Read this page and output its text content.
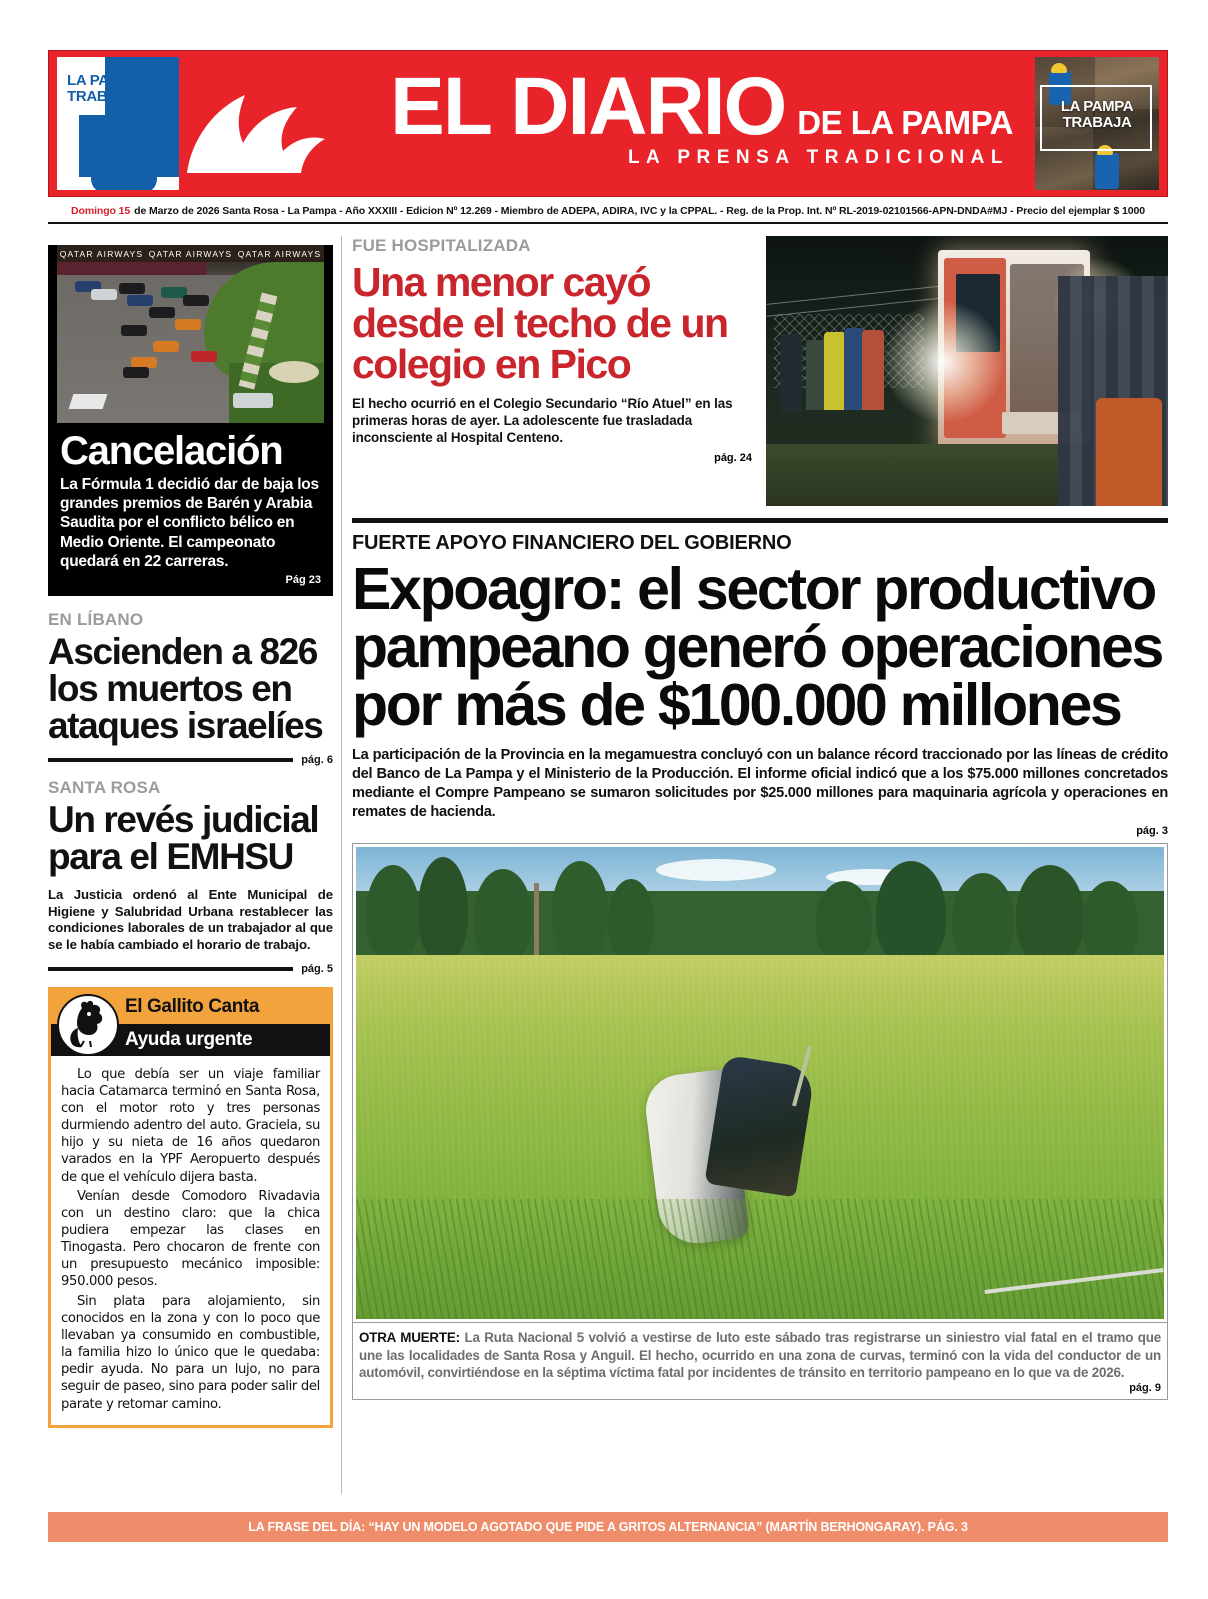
LA PAMPA
TRABAJA	EL DIARIO DE LA PAMPA
LA PRENSA TRADICIONAL
LA PAMPA
TRABAJA
Domingo 15 de Marzo de 2026 Santa Rosa - La Pampa - Año XXXIII - Edicion Nº 12.269 - Miembro de ADEPA, ADIRA, IVC y la CPPAL. - Reg. de la Prop. Int. Nº RL-2019-02101566-APN-DNDA#MJ - Precio del ejemplar $ 1000
QATAR AIRWAYS QATAR AIRWAYS QATAR AIRWAYS
Cancelación
La Fórmula 1 decidió dar de baja los grandes premios de Barén y Arabia Saudita por el conflicto bélico en Medio Oriente. El campeonato quedará en 22 carreras.
Pág 23
EN LÍBANO
Ascienden a 826 los muertos en ataques israelíes
pág. 6
SANTA ROSA
Un revés judicial para el EMHSU
La Justicia ordenó al Ente Municipal de Higiene y Salubridad Urbana restablecer las condiciones laborales de un trabajador al que se le había cambiado el horario de trabajo.
pág. 5
El Gallito Canta
Ayuda urgente

Lo que debía ser un viaje familiar hacia Catamarca terminó en Santa Rosa, con el motor roto y tres personas durmiendo adentro del auto. Graciela, su hijo y su nieta de 16 años quedaron varados en la YPF Aeropuerto después de que el vehículo dijera basta.

Venían desde Comodoro Rivadavia con un destino claro: que la chica pudiera empezar las clases en Tinogasta. Pero chocaron de frente con un presupuesto mecánico imposible: 950.000 pesos.

Sin plata para alojamiento, sin conocidos en la zona y con lo poco que llevaban ya consumido en combustible, la familia hizo lo único que le quedaba: pedir ayuda. No para un lujo, no para seguir de paseo, sino para poder salir del parate y retomar camino.

FUE HOSPITALIZADA
Una menor cayó desde el techo de un colegio en Pico
El hecho ocurrió en el Colegio Secundario “Río Atuel” en las primeras horas de ayer. La adolescente fue trasladada inconsciente al Hospital Centeno.
pág. 24
FUERTE APOYO FINANCIERO DEL GOBIERNO
Expoagro: el sector productivo pampeano generó operaciones por más de $100.000 millones
La participación de la Provincia en la megamuestra concluyó con un balance récord traccionado por las líneas de crédito del Banco de La Pampa y el Ministerio de la Producción. El informe oficial indicó que a los $75.000 millones concretados mediante el Compre Pampeano se sumaron solicitudes por $25.000 millones para maquinaria agrícola y operaciones en remates de hacienda.
pág. 3
OTRA MUERTE: La Ruta Nacional 5 volvió a vestirse de luto este sábado tras registrarse un siniestro vial fatal en el tramo que une las localidades de Santa Rosa y Anguil. El hecho, ocurrido en una zona de curvas, terminó con la vida del conductor de un automóvil, convirtiéndose en la séptima víctima fatal por incidentes de tránsito en territorio pampeano en lo que va de 2026.
pág. 9
LA FRASE DEL DÍA: “HAY UN MODELO AGOTADO QUE PIDE A GRITOS ALTERNANCIA” (MARTÍN BERHONGARAY). PÁG. 3
